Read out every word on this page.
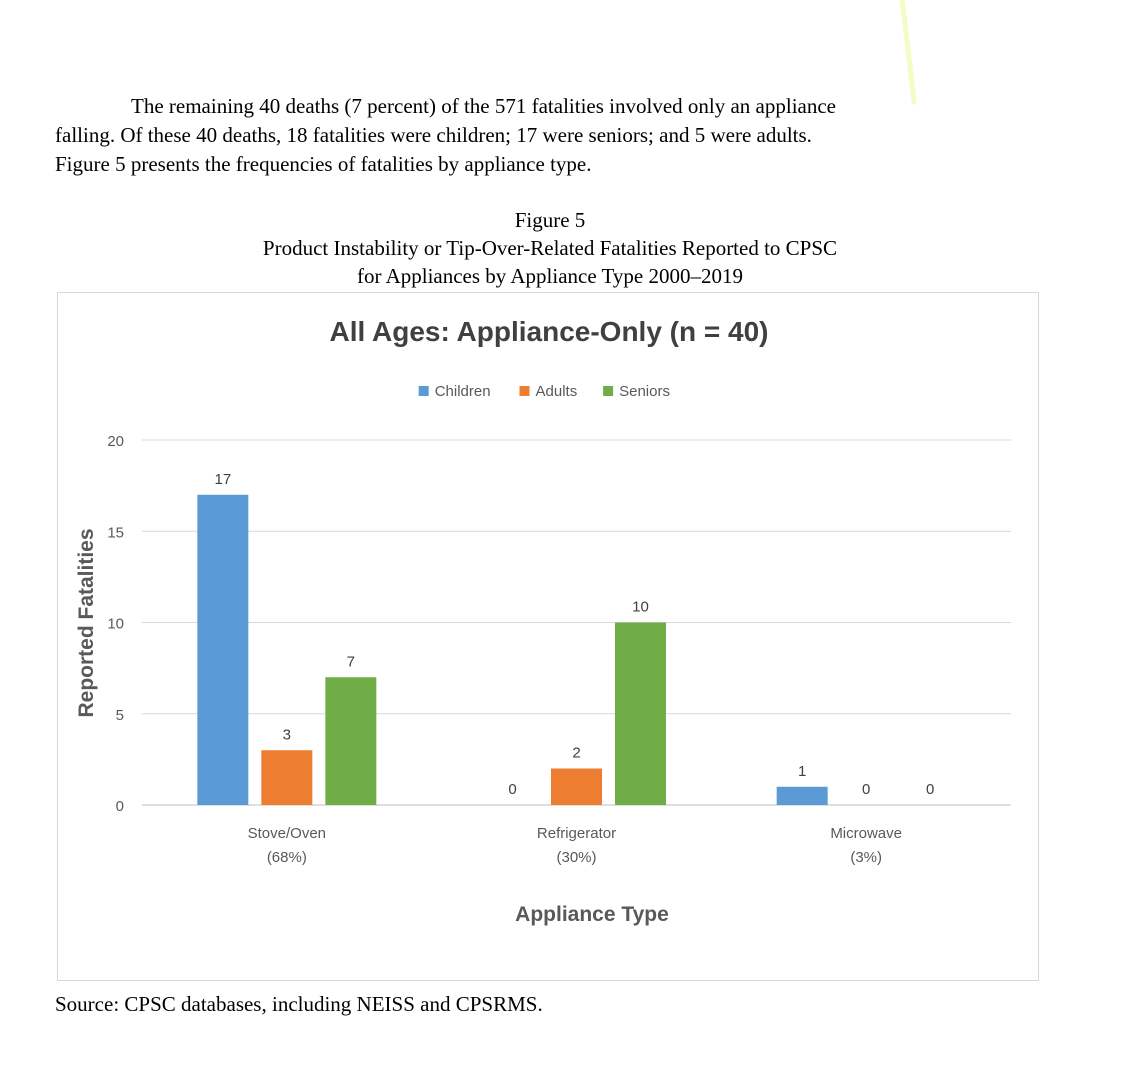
The remaining 40 deaths (7 percent) of the 571 fatalities involved only an appliance

falling. Of these 40 deaths, 18 fatalities were children; 17 were seniors; and 5 were adults.

Figure 5 presents the frequencies of fatalities by appliance type.

Figure 5
Product Instability or Tip-Over-Related Fatalities Reported to CPSC
for Appliances by Appliance Type 2000–2019
All Ages: Appliance-Only (n = 40)
Children	Adults	Seniors
0
5
10
15
20
17
3
7
0
2
10
1
0	0
Stove/Oven
(68%)
Refrigerator
(30%)
Microwave
(3%)
Appliance Type
Reported Fatalities
Source: CPSC databases, including NEISS and CPSRMS.
